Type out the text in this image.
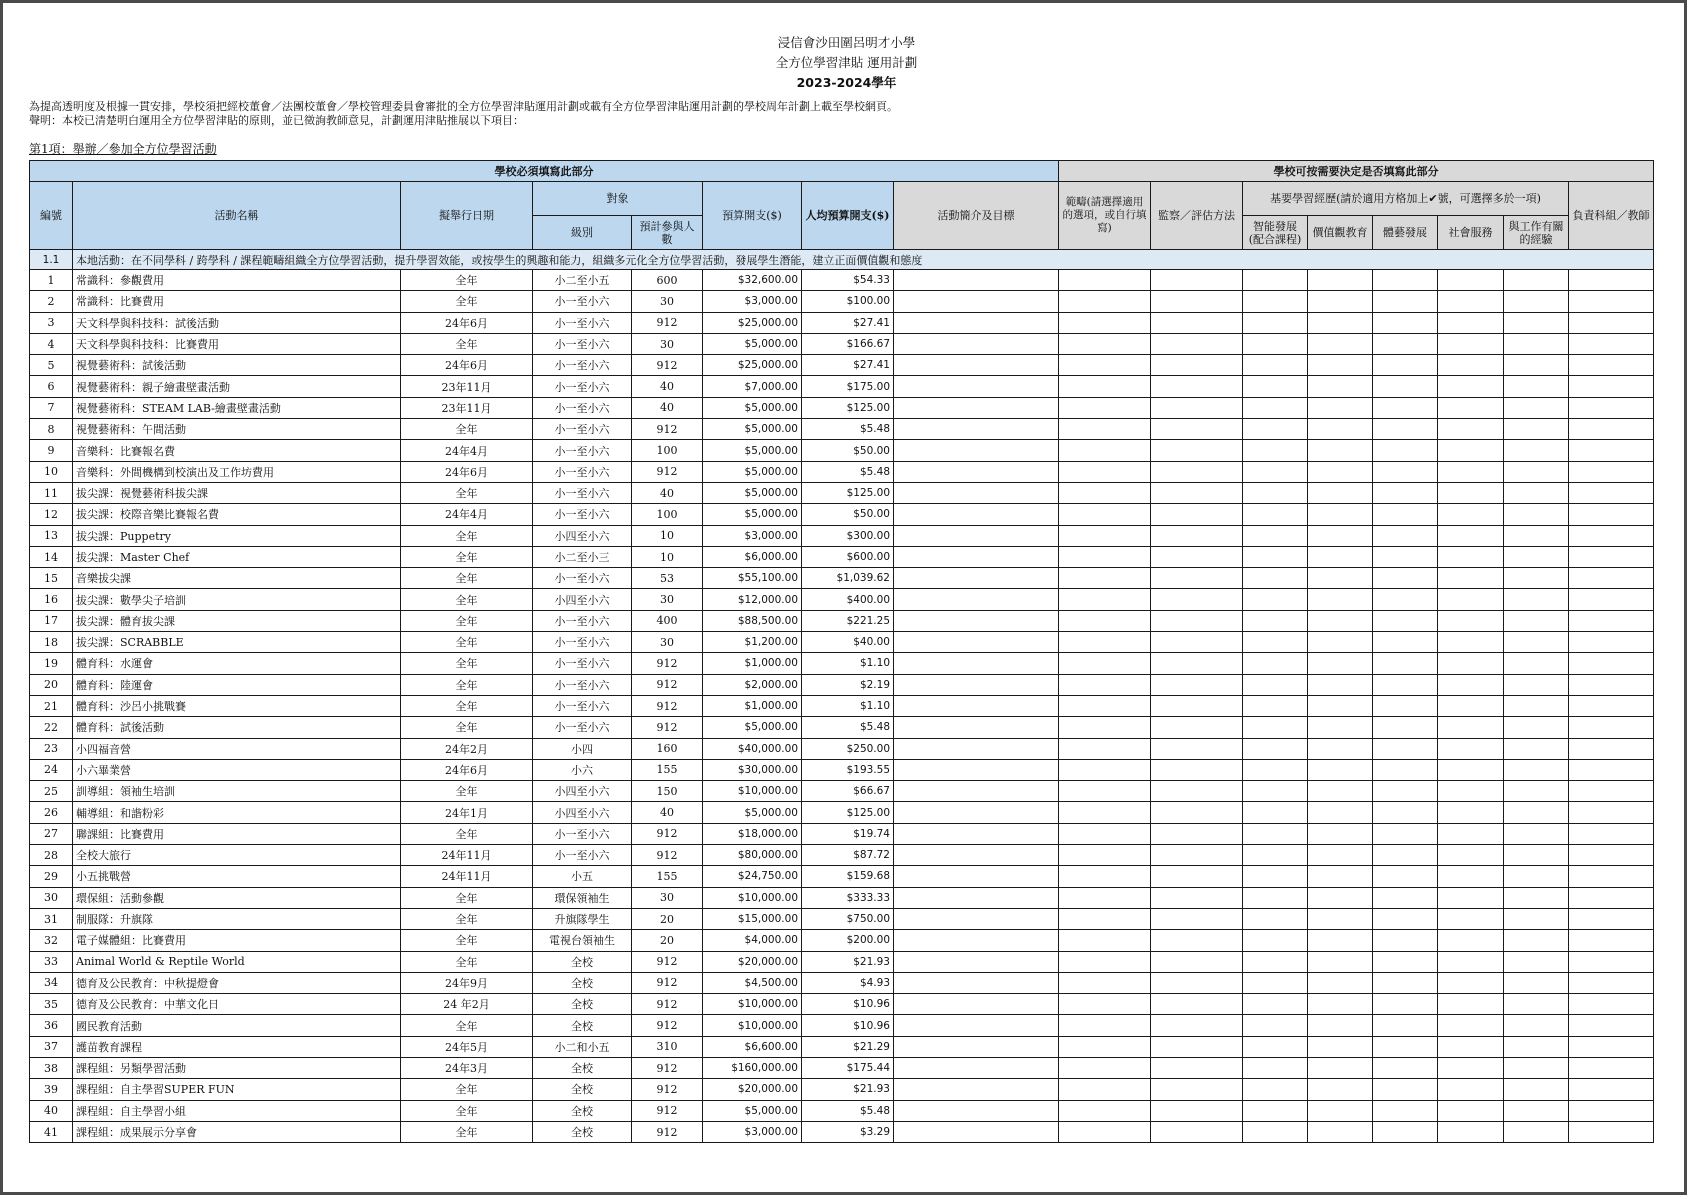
浸信會沙田圍呂明才小學
全方位學習津貼 運用計劃
2023-2024學年
為提高透明度及根據一貫安排，學校須把經校董會／法團校董會／學校管理委員會審批的全方位學習津貼運用計劃或載有全方位學習津貼運用計劃的學校周年計劃上載至學校網頁。
聲明：本校已清楚明白運用全方位學習津貼的原則，並已徵詢教師意見，計劃運用津貼推展以下項目：
第1項：舉辦／參加全方位學習活動
學校必須填寫此部分								學校可按需要決定是否填寫此部分							
編號	活動名稱	擬舉行日期	對象		預算開支($)	人均預算開支($)	活動簡介及目標	範疇(請選擇適用的選項，或自行填寫)	監察／評估方法	基要學習經歷(請於適用方格加上✔號，可選擇多於一項)					負責科組／教師
			級別	預計參與人數						智能發展(配合課程)	價值觀教育	體藝發展	社會服務	與工作有關的經驗	
1.1	本地活動：在不同學科 / 跨學科 / 課程範疇組織全方位學習活動，提升學習效能，或按學生的興趣和能力，組織多元化全方位學習活動，發展學生潛能，建立正面價值觀和態度														
1	常識科：參觀費用	全年	小二至小五	600	$32,600.00	$54.33									
2	常識科：比賽費用	全年	小一至小六	30	$3,000.00	$100.00									
3	天文科學與科技科：試後活動	24年6月	小一至小六	912	$25,000.00	$27.41									
4	天文科學與科技科：比賽費用	全年	小一至小六	30	$5,000.00	$166.67									
5	視覺藝術科：試後活動	24年6月	小一至小六	912	$25,000.00	$27.41									
6	視覺藝術科：親子繪畫壁畫活動	23年11月	小一至小六	40	$7,000.00	$175.00									
7	視覺藝術科：STEAM LAB-繪畫壁畫活動	23年11月	小一至小六	40	$5,000.00	$125.00									
8	視覺藝術科：午間活動	全年	小一至小六	912	$5,000.00	$5.48									
9	音樂科：比賽報名費	24年4月	小一至小六	100	$5,000.00	$50.00									
10	音樂科：外間機構到校演出及工作坊費用	24年6月	小一至小六	912	$5,000.00	$5.48									
11	拔尖課：視覺藝術科拔尖課	全年	小一至小六	40	$5,000.00	$125.00									
12	拔尖課：校際音樂比賽報名費	24年4月	小一至小六	100	$5,000.00	$50.00									
13	拔尖課：Puppetry	全年	小四至小六	10	$3,000.00	$300.00									
14	拔尖課：Master Chef	全年	小二至小三	10	$6,000.00	$600.00									
15	音樂拔尖課	全年	小一至小六	53	$55,100.00	$1,039.62									
16	拔尖課：數學尖子培訓	全年	小四至小六	30	$12,000.00	$400.00									
17	拔尖課：體育拔尖課	全年	小一至小六	400	$88,500.00	$221.25									
18	拔尖課：SCRABBLE	全年	小一至小六	30	$1,200.00	$40.00									
19	體育科：水運會	全年	小一至小六	912	$1,000.00	$1.10									
20	體育科：陸運會	全年	小一至小六	912	$2,000.00	$2.19									
21	體育科：沙呂小挑戰賽	全年	小一至小六	912	$1,000.00	$1.10									
22	體育科：試後活動	全年	小一至小六	912	$5,000.00	$5.48									
23	小四福音營	24年2月	小四	160	$40,000.00	$250.00									
24	小六畢業營	24年6月	小六	155	$30,000.00	$193.55									
25	訓導組：領袖生培訓	全年	小四至小六	150	$10,000.00	$66.67									
26	輔導組：和諧粉彩	24年1月	小四至小六	40	$5,000.00	$125.00									
27	聯課組：比賽費用	全年	小一至小六	912	$18,000.00	$19.74									
28	全校大旅行	24年11月	小一至小六	912	$80,000.00	$87.72									
29	小五挑戰營	24年11月	小五	155	$24,750.00	$159.68									
30	環保組：活動參觀	全年	環保領袖生	30	$10,000.00	$333.33									
31	制服隊：升旗隊	全年	升旗隊學生	20	$15,000.00	$750.00									
32	電子媒體組：比賽費用	全年	電視台領袖生	20	$4,000.00	$200.00									
33	Animal World & Reptile World	全年	全校	912	$20,000.00	$21.93									
34	德育及公民教育：中秋提燈會	24年9月	全校	912	$4,500.00	$4.93									
35	德育及公民教育：中華文化日	24 年2月	全校	912	$10,000.00	$10.96									
36	國民教育活動	全年	全校	912	$10,000.00	$10.96									
37	護苗教育課程	24年5月	小二和小五	310	$6,600.00	$21.29									
38	課程組：另類學習活動	24年3月	全校	912	$160,000.00	$175.44									
39	課程組：自主學習SUPER FUN	全年	全校	912	$20,000.00	$21.93									
40	課程組：自主學習小組	全年	全校	912	$5,000.00	$5.48									
41	課程組：成果展示分享會	全年	全校	912	$3,000.00	$3.29									
